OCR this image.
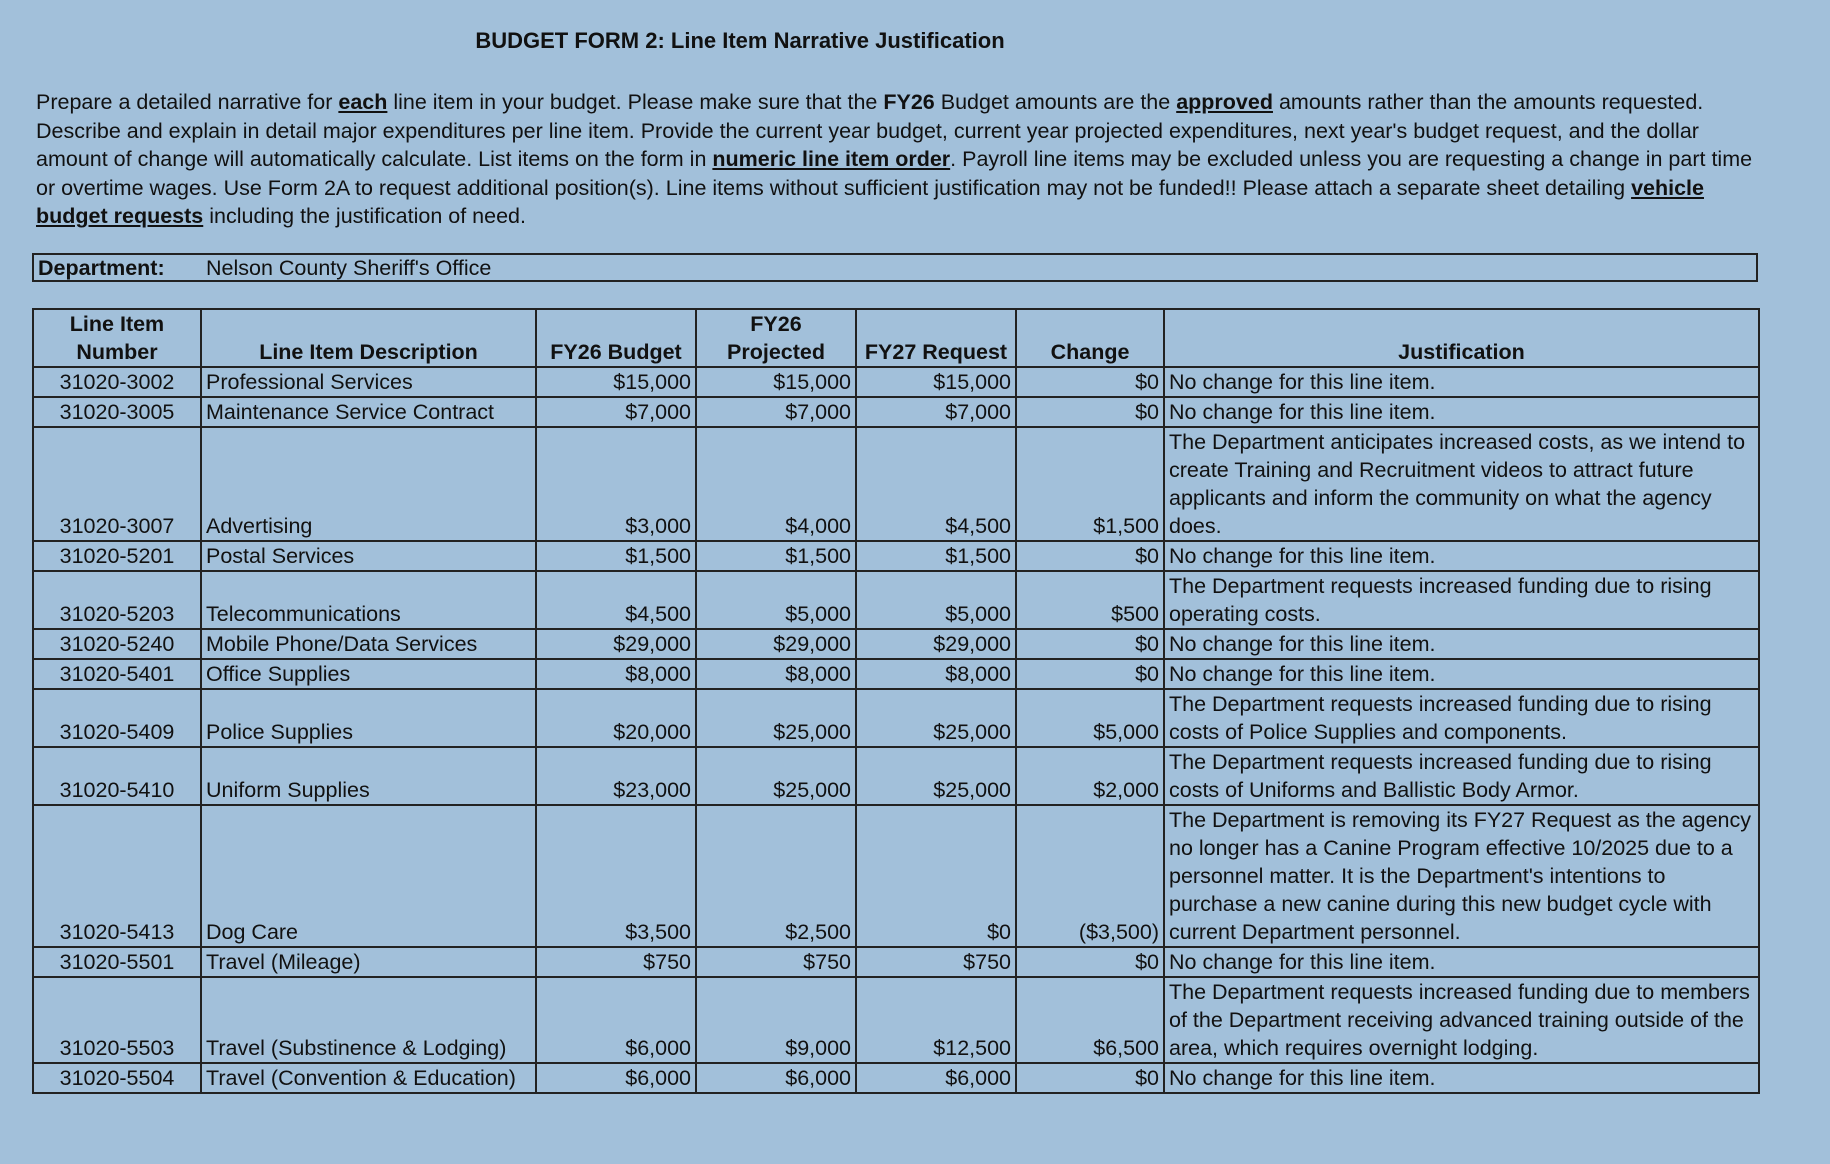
BUDGET FORM 2: Line Item Narrative Justification

Prepare a detailed narrative for each line item in your budget. Please make sure that the FY26 Budget amounts are the approved amounts rather than the amounts requested. Describe and explain in detail major expenditures per line item. Provide the current year budget, current year projected expenditures, next year's budget request, and the dollar amount of change will automatically calculate. List items on the form in numeric line item order. Payroll line items may be excluded unless you are requesting a change in part time or overtime wages. Use Form 2A to request additional position(s). Line items without sufficient justification may not be funded!! Please attach a separate sheet detailing vehicle budget requests including the justification of need.

Department: Nelson County Sheriff's Office
Line Item Number	Line Item Description	FY26 Budget	FY26 Projected	FY27 Request	Change	Justification
31020-3002	Professional Services	$15,000	$15,000	$15,000	$0	No change for this line item.
31020-3005	Maintenance Service Contract	$7,000	$7,000	$7,000	$0	No change for this line item.
31020-3007	Advertising	$3,000	$4,000	$4,500	$1,500	The Department anticipates increased costs, as we intend to create Training and Recruitment videos to attract future applicants and inform the community on what the agency does.
31020-5201	Postal Services	$1,500	$1,500	$1,500	$0	No change for this line item.
31020-5203	Telecommunications	$4,500	$5,000	$5,000	$500	The Department requests increased funding due to rising operating costs.
31020-5240	Mobile Phone/Data Services	$29,000	$29,000	$29,000	$0	No change for this line item.
31020-5401	Office Supplies	$8,000	$8,000	$8,000	$0	No change for this line item.
31020-5409	Police Supplies	$20,000	$25,000	$25,000	$5,000	The Department requests increased funding due to rising costs of Police Supplies and components.
31020-5410	Uniform Supplies	$23,000	$25,000	$25,000	$2,000	The Department requests increased funding due to rising costs of Uniforms and Ballistic Body Armor.
31020-5413	Dog Care	$3,500	$2,500	$0	($3,500)	The Department is removing its FY27 Request as the agency no longer has a Canine Program effective 10/2025 due to a personnel matter. It is the Department's intentions to purchase a new canine during this new budget cycle with current Department personnel.
31020-5501	Travel (Mileage)	$750	$750	$750	$0	No change for this line item.
31020-5503	Travel (Substinence & Lodging)	$6,000	$9,000	$12,500	$6,500	The Department requests increased funding due to members of the Department receiving advanced training outside of the area, which requires overnight lodging.
31020-5504	Travel (Convention & Education)	$6,000	$6,000	$6,000	$0	No change for this line item.
